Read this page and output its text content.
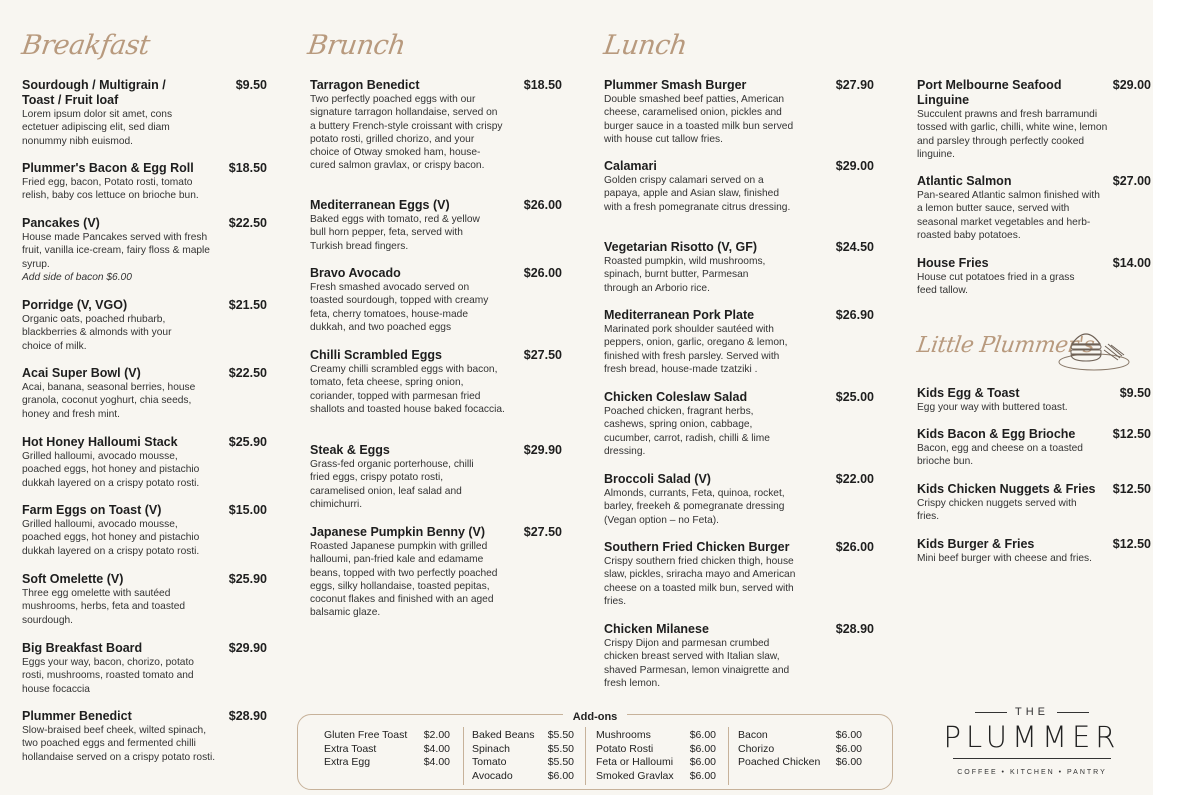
Breakfast	Brunch	Lunch
Little Plummer's
Sourdough / Multigrain / Toast / Fruit loaf
$9.50
Lorem ipsum dolor sit amet, cons ectetuer adipiscing elit, sed diam nonummy nibh euismod.
Plummer's Bacon & Egg Roll	$18.50
Fried egg, bacon, Potato rosti, tomato relish, baby cos lettuce on brioche bun.
Pancakes (V)	$22.50
House made Pancakes served with fresh fruit, vanilla ice-cream, fairy floss & maple syrup.
Add side of bacon $6.00
Porridge (V, VGO)	$21.50
Organic oats, poached rhubarb, blackberries & almonds with your choice of milk.
Acai Super Bowl (V)	$22.50
Acai, banana, seasonal berries, house granola, coconut yoghurt, chia seeds, honey and fresh mint.
Hot Honey Halloumi Stack	$25.90
Grilled halloumi, avocado mousse, poached eggs, hot honey and pistachio dukkah layered on a crispy potato rosti.
Farm Eggs on Toast (V)	$15.00
Grilled halloumi, avocado mousse, poached eggs, hot honey and pistachio dukkah layered on a crispy potato rosti.
Soft Omelette (V)	$25.90
Three egg omelette with sautéed mushrooms, herbs, feta and toasted sourdough.
Big Breakfast Board	$29.90
Eggs your way, bacon, chorizo, potato rosti, mushrooms, roasted tomato and house focaccia
Plummer Benedict	$28.90
Slow-braised beef cheek, wilted spinach, two poached eggs and fermented chilli hollandaise served on a crispy potato rosti.
Tarragon Benedict	$18.50
Two perfectly poached eggs with our signature tarragon hollandaise, served on a buttery French-style croissant with crispy potato rosti, grilled chorizo, and your choice of Otway smoked ham, house-cured salmon gravlax, or crispy bacon.
Mediterranean Eggs (V)	$26.00
Baked eggs with tomato, red & yellow bull horn pepper, feta, served with Turkish bread fingers.
Bravo Avocado	$26.00
Fresh smashed avocado served on toasted sourdough, topped with creamy feta, cherry tomatoes, house-made dukkah, and two poached eggs
Chilli Scrambled Eggs	$27.50
Creamy chilli scrambled eggs with bacon, tomato, feta cheese, spring onion, coriander, topped with parmesan fried shallots and toasted house baked focaccia.
Steak & Eggs	$29.90
Grass-fed organic porterhouse, chilli fried eggs, crispy potato rosti, caramelised onion, leaf salad and chimichurri.
Japanese Pumpkin Benny (V)	$27.50
Roasted Japanese pumpkin with grilled halloumi, pan-fried kale and edamame beans, topped with two perfectly poached eggs, silky hollandaise, toasted pepitas, coconut flakes and finished with an aged balsamic glaze.
Plummer Smash Burger	$27.90
Double smashed beef patties, American cheese, caramelised onion, pickles and burger sauce in a toasted milk bun served with house cut tallow fries.
Calamari	$29.00
Golden crispy calamari served on a papaya, apple and Asian slaw, finished with a fresh pomegranate citrus dressing.
Vegetarian Risotto (V, GF)	$24.50
Roasted pumpkin, wild mushrooms, spinach, burnt butter, Parmesan through an Arborio rice.
Mediterranean Pork Plate	$26.90
Marinated pork shoulder sautéed with peppers, onion, garlic, oregano & lemon, finished with fresh parsley. Served with fresh bread, house-made tzatziki .
Chicken Coleslaw Salad	$25.00
Poached chicken, fragrant herbs, cashews, spring onion, cabbage, cucumber, carrot, radish, chilli & lime dressing.
Broccoli Salad (V)	$22.00
Almonds, currants, Feta, quinoa, rocket, barley, freekeh & pomegranate dressing (Vegan option – no Feta).
Southern Fried Chicken Burger	$26.00
Crispy southern fried chicken thigh, house slaw, pickles, sriracha mayo and American cheese on a toasted milk bun, served with fries.
Chicken Milanese	$28.90
Crispy Dijon and parmesan crumbed chicken breast served with Italian slaw, shaved Parmesan, lemon vinaigrette and fresh lemon.
Port Melbourne Seafood Linguine
$29.00
Succulent prawns and fresh barramundi tossed with garlic, chilli, white wine, lemon and parsley through perfectly cooked linguine.
Atlantic Salmon	$27.00
Pan-seared Atlantic salmon finished with a lemon butter sauce, served with seasonal market vegetables and herb-roasted baby potatoes.
House Fries	$14.00
House cut potatoes fried in a grass feed tallow.
Kids Egg & Toast	$9.50
Egg your way with buttered toast.
Kids Bacon & Egg Brioche	$12.50
Bacon, egg and cheese on a toasted brioche bun.
Kids Chicken Nuggets & Fries	$12.50
Crispy chicken nuggets served with fries.
Kids Burger & Fries	$12.50
Mini beef burger with cheese and fries.
Add-ons
Gluten Free Toast $2.00
Extra Toast	$4.00
Extra Egg	$4.00
Baked Beans $5.50
Spinach	$5.50
Tomato	$5.50
Avocado	$6.00
Mushrooms	$6.00
Potato Rosti	$6.00
Feta or Halloumi $6.00
Smoked Gravlax $6.00
Bacon	$6.00
Chorizo	$6.00
Poached Chicken $6.00
THE
PLUMMER
COFFEE • KITCHEN • PANTRY
